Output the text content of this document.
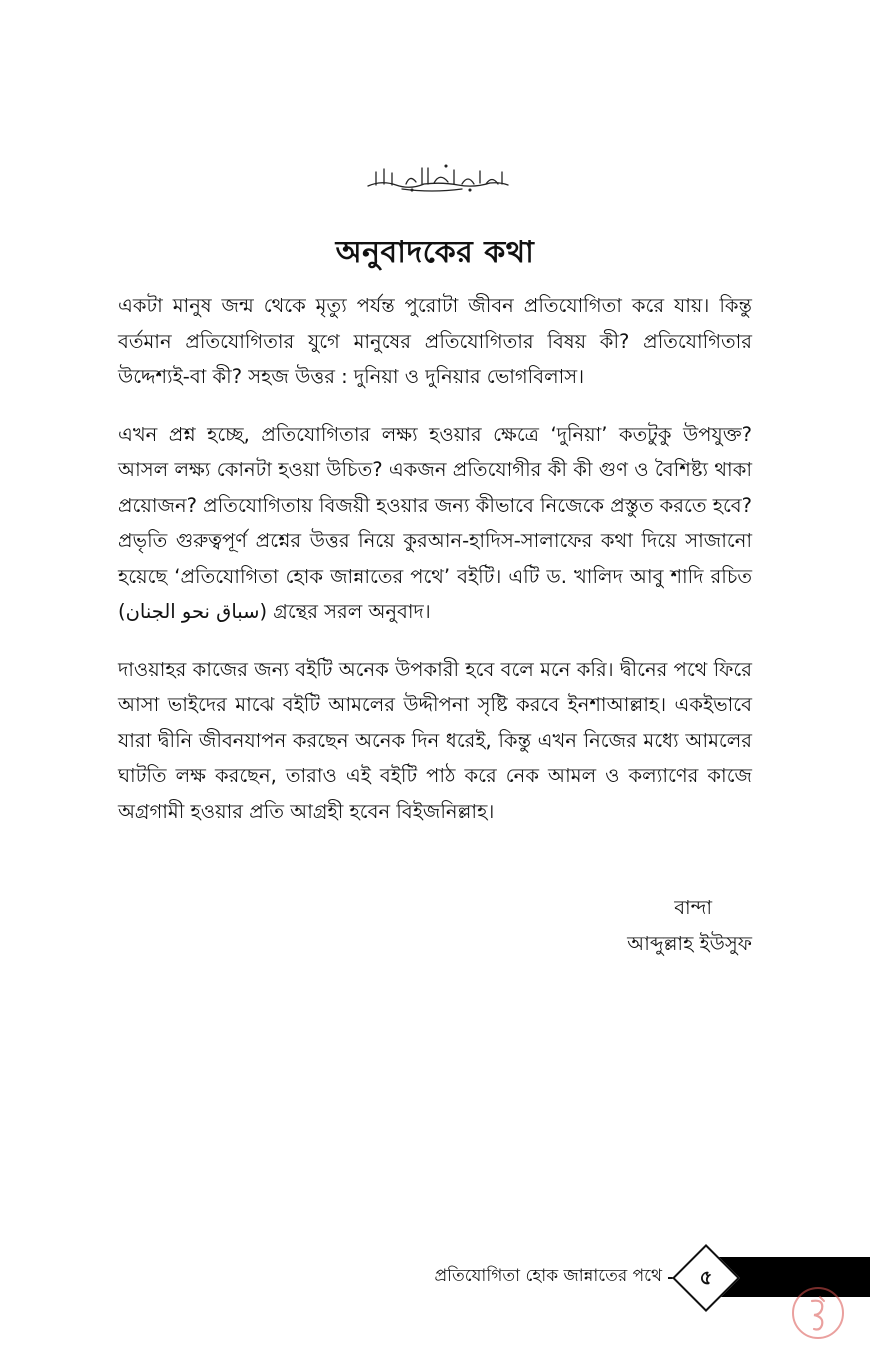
অনুবাদকের কথা

একটা মানুষ জন্ম থেকে মৃত্যু পর্যন্ত পুরোটা জীবন প্রতিযোগিতা করে যায়। কিন্তু বর্তমান প্রতিযোগিতার যুগে মানুষের প্রতিযোগিতার বিষয় কী? প্রতিযোগিতার উদ্দেশ্যই-বা কী? সহজ উত্তর : দুনিয়া ও দুনিয়ার ভোগবিলাস।

এখন প্রশ্ন হচ্ছে, প্রতিযোগিতার লক্ষ্য হওয়ার ক্ষেত্রে ‘দুনিয়া’ কতটুকু উপযুক্ত? আসল লক্ষ্য কোনটা হওয়া উচিত? একজন প্রতিযোগীর কী কী গুণ ও বৈশিষ্ট্য থাকা প্রয়োজন? প্রতিযোগিতায় বিজয়ী হওয়ার জন্য কীভাবে নিজেকে প্রস্তুত করতে হবে? প্রভৃতি গুরুত্বপূর্ণ প্রশ্নের উত্তর নিয়ে কুরআন-হাদিস-সালাফের কথা দিয়ে সাজানো হয়েছে ‘প্রতিযোগিতা হোক জান্নাতের পথে’ বইটি। এটি ড. খালিদ আবু শাদি রচিত (سباق نحو الجنان) গ্রন্থের সরল অনুবাদ।

দাওয়াহর কাজের জন্য বইটি অনেক উপকারী হবে বলে মনে করি। দ্বীনের পথে ফিরে আসা ভাইদের মাঝে বইটি আমলের উদ্দীপনা সৃষ্টি করবে ইনশাআল্লাহ। একইভাবে যারা দ্বীনি জীবনযাপন করছেন অনেক দিন ধরেই, কিন্তু এখন নিজের মধ্যে আমলের ঘাটতি লক্ষ করছেন, তারাও এই বইটি পাঠ করে নেক আমল ও কল্যাণের কাজে অগ্রগামী হওয়ার প্রতি আগ্রহী হবেন বিইজনিল্লাহ।

বান্দা
আব্দুল্লাহ ইউসুফ
প্রতিযোগিতা হোক জান্নাতের পথে	৫
